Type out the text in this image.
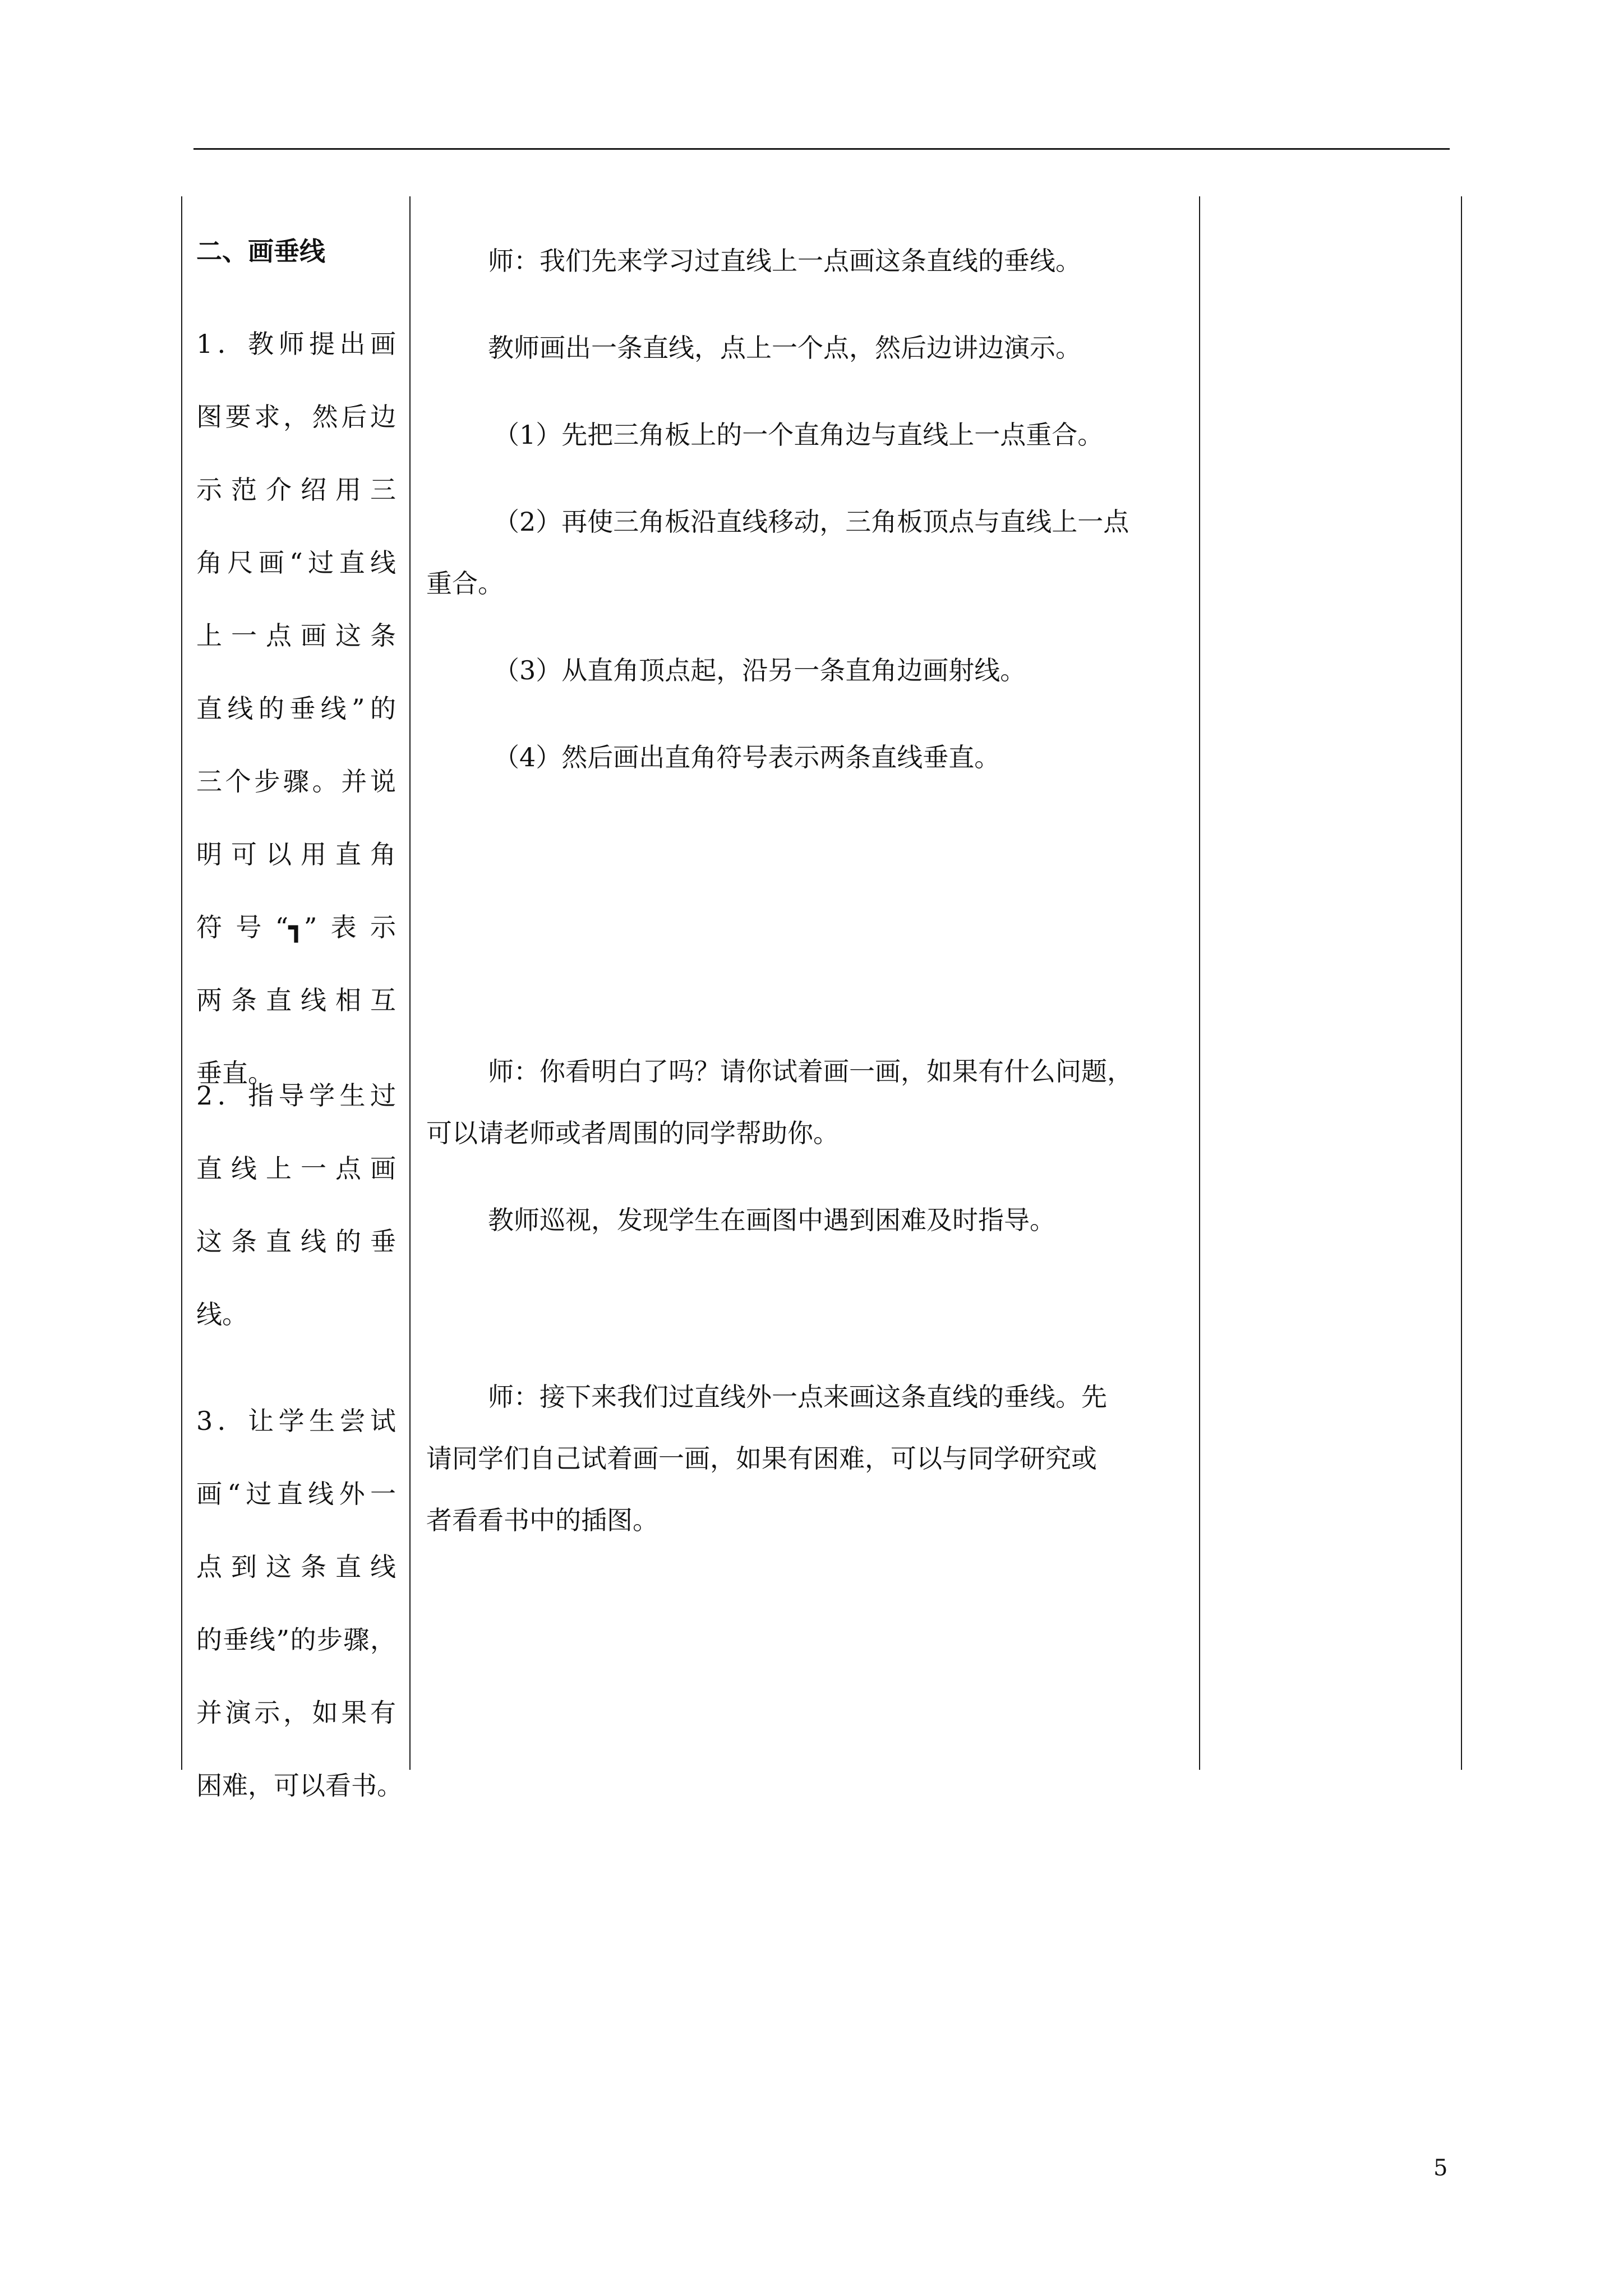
二、画垂线
1．教师提出画
图要求，然后边
示范介绍用三
角尺画“过直线
上一点画这条
直线的垂线”的
三个步骤。并说
明可以用直角
符号“┓”表示
两条直线相互
垂直。
2．指导学生过
直线上一点画
这条直线的垂
线。
3．让学生尝试
画“过直线外一
点到这条直线
的垂线”的步骤，
并演示，如果有
困难，可以看书。

师：我们先来学习过直线上一点画这条直线的垂线。

教师画出一条直线，点上一个点，然后边讲边演示。

（1）先把三角板上的一个直角边与直线上一点重合。

（2）再使三角板沿直线移动，三角板顶点与直线上一点

重合。

（3）从直角顶点起，沿另一条直角边画射线。

（4）然后画出直角符号表示两条直线垂直。

师：你看明白了吗？请你试着画一画，如果有什么问题，

可以请老师或者周围的同学帮助你。

教师巡视，发现学生在画图中遇到困难及时指导。

师：接下来我们过直线外一点来画这条直线的垂线。先

请同学们自己试着画一画，如果有困难，可以与同学研究或

者看看书中的插图。

5
